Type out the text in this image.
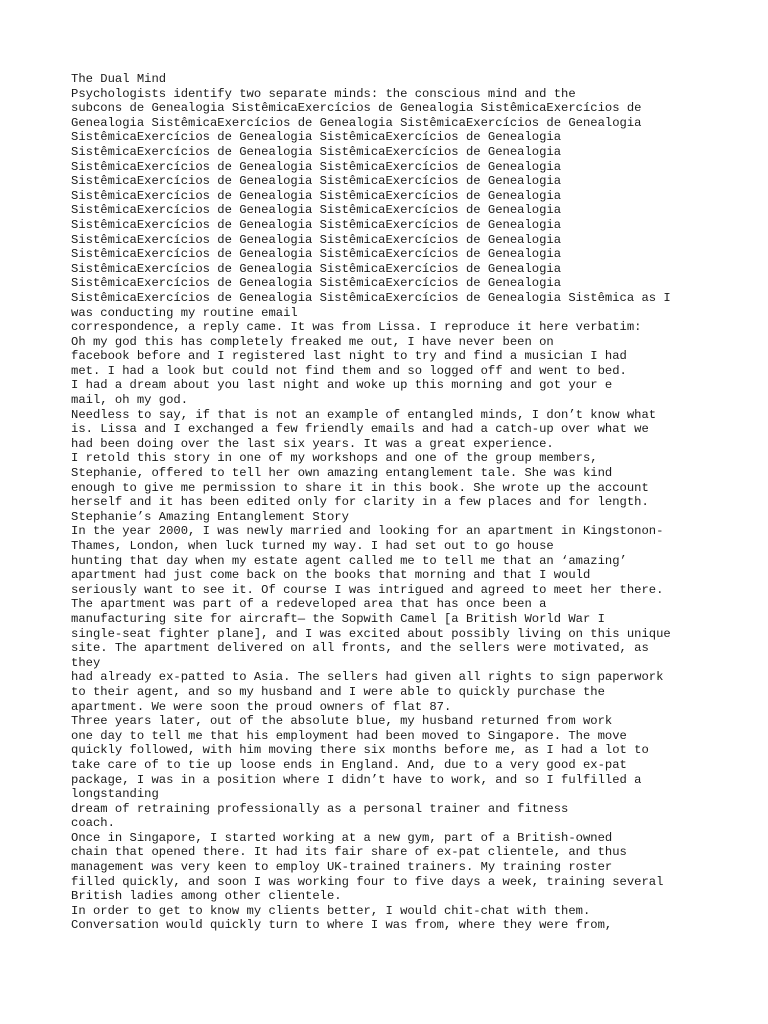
The Dual Mind
Psychologists identify two separate minds: the conscious mind and the
subcons de Genealogia SistêmicaExercícios de Genealogia SistêmicaExercícios de
Genealogia SistêmicaExercícios de Genealogia SistêmicaExercícios de Genealogia
SistêmicaExercícios de Genealogia SistêmicaExercícios de Genealogia
SistêmicaExercícios de Genealogia SistêmicaExercícios de Genealogia
SistêmicaExercícios de Genealogia SistêmicaExercícios de Genealogia
SistêmicaExercícios de Genealogia SistêmicaExercícios de Genealogia
SistêmicaExercícios de Genealogia SistêmicaExercícios de Genealogia
SistêmicaExercícios de Genealogia SistêmicaExercícios de Genealogia
SistêmicaExercícios de Genealogia SistêmicaExercícios de Genealogia
SistêmicaExercícios de Genealogia SistêmicaExercícios de Genealogia
SistêmicaExercícios de Genealogia SistêmicaExercícios de Genealogia
SistêmicaExercícios de Genealogia SistêmicaExercícios de Genealogia
SistêmicaExercícios de Genealogia SistêmicaExercícios de Genealogia
SistêmicaExercícios de Genealogia SistêmicaExercícios de Genealogia Sistêmica as I
was conducting my routine email
correspondence, a reply came. It was from Lissa. I reproduce it here verbatim:
Oh my god this has completely freaked me out, I have never been on
facebook before and I registered last night to try and find a musician I had
met. I had a look but could not find them and so logged off and went to bed.
I had a dream about you last night and woke up this morning and got your e
mail, oh my god.
Needless to say, if that is not an example of entangled minds, I don’t know what
is. Lissa and I exchanged a few friendly emails and had a catch-up over what we
had been doing over the last six years. It was a great experience.
I retold this story in one of my workshops and one of the group members,
Stephanie, offered to tell her own amazing entanglement tale. She was kind
enough to give me permission to share it in this book. She wrote up the account
herself and it has been edited only for clarity in a few places and for length.
Stephanie’s Amazing Entanglement Story
In the year 2000, I was newly married and looking for an apartment in Kingstonon-
Thames, London, when luck turned my way. I had set out to go house
hunting that day when my estate agent called me to tell me that an ‘amazing’
apartment had just come back on the books that morning and that I would
seriously want to see it. Of course I was intrigued and agreed to meet her there.
The apartment was part of a redeveloped area that has once been a
manufacturing site for aircraft— the Sopwith Camel [a British World War I
single-seat fighter plane], and I was excited about possibly living on this unique
site. The apartment delivered on all fronts, and the sellers were motivated, as
they
had already ex-patted to Asia. The sellers had given all rights to sign paperwork
to their agent, and so my husband and I were able to quickly purchase the
apartment. We were soon the proud owners of flat 87.
Three years later, out of the absolute blue, my husband returned from work
one day to tell me that his employment had been moved to Singapore. The move
quickly followed, with him moving there six months before me, as I had a lot to
take care of to tie up loose ends in England. And, due to a very good ex-pat
package, I was in a position where I didn’t have to work, and so I fulfilled a
longstanding
dream of retraining professionally as a personal trainer and fitness
coach.
Once in Singapore, I started working at a new gym, part of a British-owned
chain that opened there. It had its fair share of ex-pat clientele, and thus
management was very keen to employ UK-trained trainers. My training roster
filled quickly, and soon I was working four to five days a week, training several
British ladies among other clientele.
In order to get to know my clients better, I would chit-chat with them.
Conversation would quickly turn to where I was from, where they were from,
